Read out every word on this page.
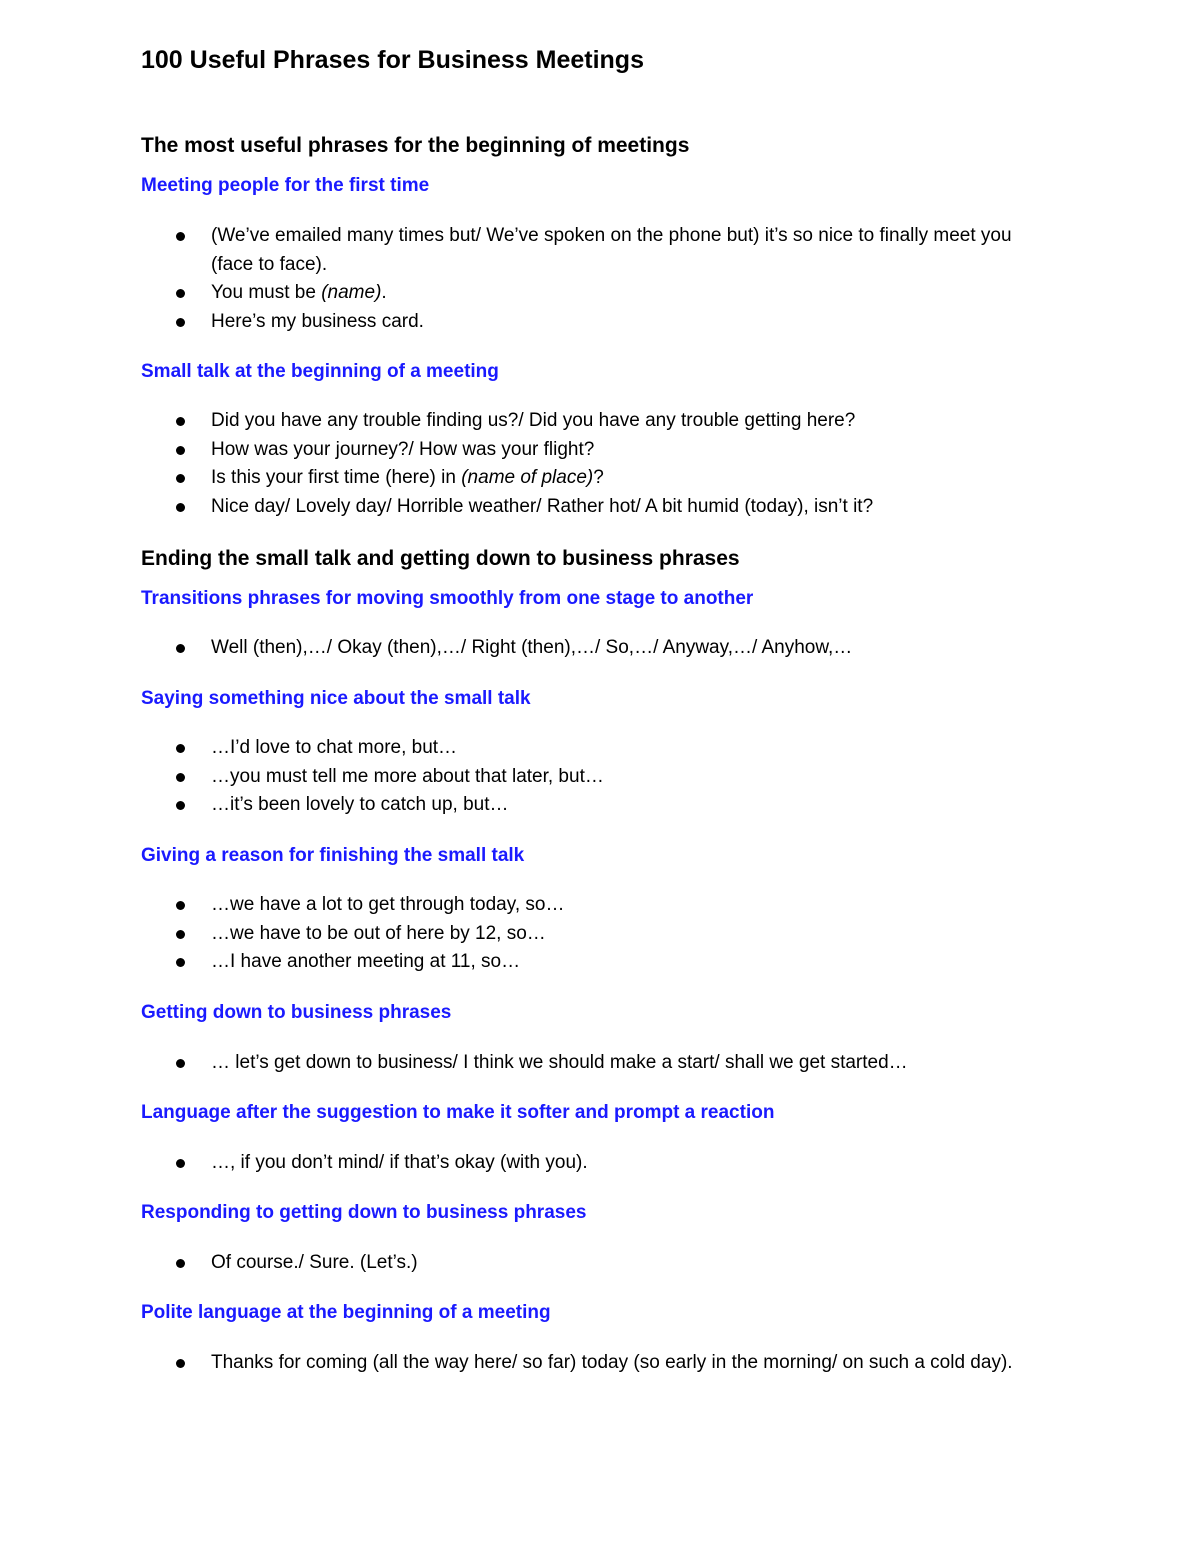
100 Useful Phrases for Business Meetings
The most useful phrases for the beginning of meetings
Meeting people for the first time
(We’ve emailed many times but/ We’ve spoken on the phone but) it’s so nice to finally meet you (face to face).
You must be (name).
Here’s my business card.
Small talk at the beginning of a meeting
Did you have any trouble finding us?/ Did you have any trouble getting here?
How was your journey?/ How was your flight?
Is this your first time (here) in (name of place)?
Nice day/ Lovely day/ Horrible weather/ Rather hot/ A bit humid (today), isn’t it?
Ending the small talk and getting down to business phrases
Transitions phrases for moving smoothly from one stage to another
Well (then),…/ Okay (then),…/ Right (then),…/ So,…/ Anyway,…/ Anyhow,…
Saying something nice about the small talk
…I’d love to chat more, but…
…you must tell me more about that later, but…
…it’s been lovely to catch up, but…
Giving a reason for finishing the small talk
…we have a lot to get through today, so…
…we have to be out of here by 12, so…
…I have another meeting at 11, so…
Getting down to business phrases
… let’s get down to business/ I think we should make a start/ shall we get started…
Language after the suggestion to make it softer and prompt a reaction
…, if you don’t mind/ if that’s okay (with you).
Responding to getting down to business phrases
Of course./ Sure. (Let’s.)
Polite language at the beginning of a meeting
Thanks for coming (all the way here/ so far) today (so early in the morning/ on such a cold day).
